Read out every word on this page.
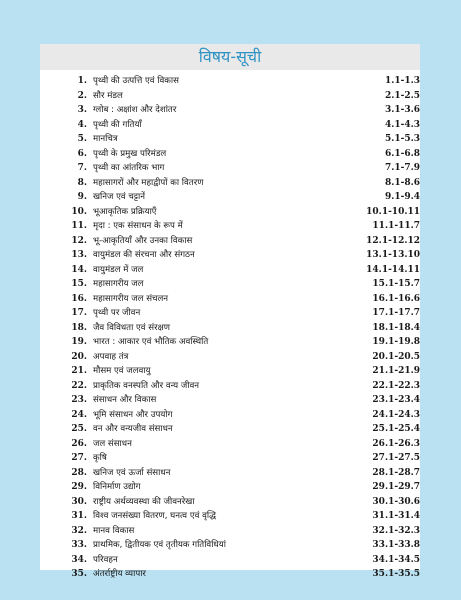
विषय-सूची
1. पृथ्वी की उत्पत्ति एवं विकास	1.1-1.3
2. सौर मंडल	2.1-2.5
3. ग्लोब : अक्षांश और देशांतर	3.1-3.6
4. पृथ्वी की गतियाँ	4.1-4.3
5. मानचित्र	5.1-5.3
6. पृथ्वी के प्रमुख परिमंडल	6.1-6.8
7. पृथ्वी का आंतरिक भाग	7.1-7.9
8. महासागरों और महाद्वीपों का वितरण	8.1-8.6
9. खनिज एवं चट्टानें	9.1-9.4
10. भूआकृतिक प्रक्रियाएँ	10.1-10.11
11. मृदा : एक संसाधन के रूप में	11.1-11.7
12. भू-आकृतियाँ और उनका विकास	12.1-12.12
13. वायुमंडल की संरचना और संगठन	13.1-13.10
14. वायुमंडल में जल	14.1-14.11
15. महासागरीय जल	15.1-15.7
16. महासागरीय जल संचलन	16.1-16.6
17. पृथ्वी पर जीवन	17.1-17.7
18. जैव विविधता एवं संरक्षण	18.1-18.4
19. भारत : आकार एवं भौतिक अवस्थिति	19.1-19.8
20. अपवाह तंत्र	20.1-20.5
21. मौसम एवं जलवायु	21.1-21.9
22. प्राकृतिक वनस्पति और वन्य जीवन	22.1-22.3
23. संसाधन और विकास	23.1-23.4
24. भूमि संसाधन और उपयोग	24.1-24.3
25. वन और वन्यजीव संसाधन	25.1-25.4
26. जल संसाधन	26.1-26.3
27. कृषि	27.1-27.5
28. खनिज एवं ऊर्जा संसाधन	28.1-28.7
29. विनिर्माण उद्योग	29.1-29.7
30. राष्ट्रीय अर्थव्यवस्था की जीवनरेखा	30.1-30.6
31. विश्व जनसंख्या वितरण, घनत्व एवं वृद्धि	31.1-31.4
32. मानव विकास	32.1-32.3
33. प्राथमिक, द्वितीयक एवं तृतीयक गतिविधियां	33.1-33.8
34. परिवहन	34.1-34.5
35. अंतर्राष्ट्रीय व्यापार	35.1-35.5
